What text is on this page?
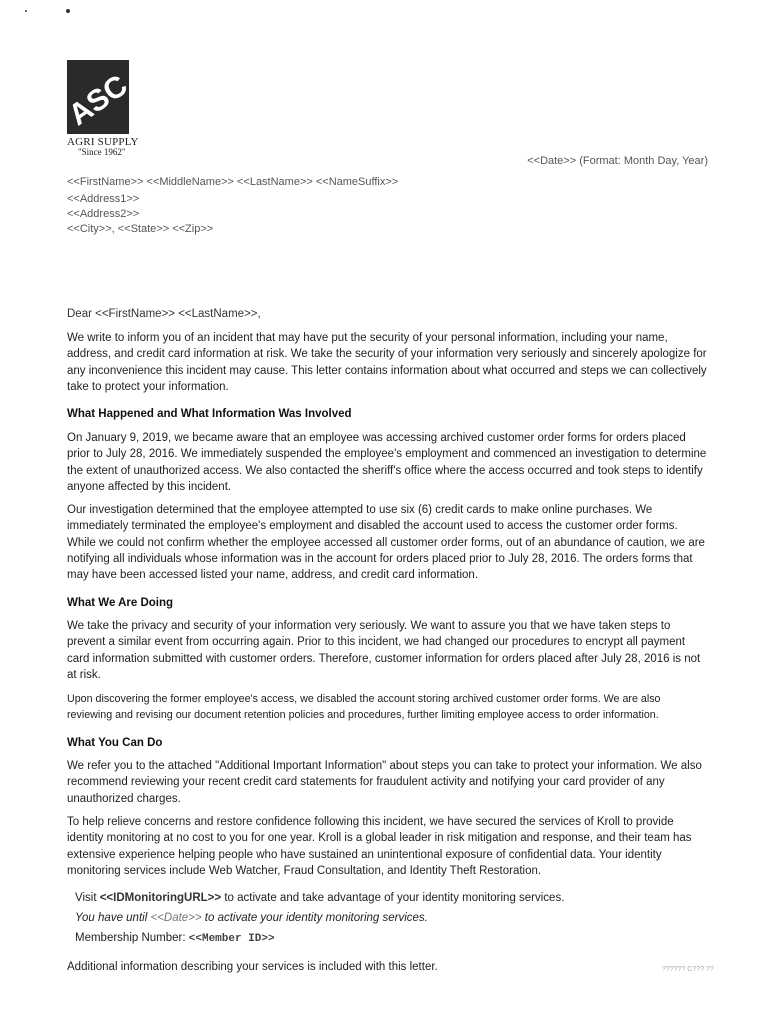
ASC
AGRI SUPPLY
"Since 1962"
<<Date>> (Format: Month Day, Year)
<<FirstName>> <<MiddleName>> <<LastName>> <<NameSuffix>>
<<Address1>>
<<Address2>>
<<City>>, <<State>> <<Zip>>
Dear <<FirstName>> <<LastName>>,
We write to inform you of an incident that may have put the security of your personal information, including your name, address, and credit card information at risk. We take the security of your information very seriously and sincerely apologize for any inconvenience this incident may cause. This letter contains information about what occurred and steps we can collectively take to protect your information.
What Happened and What Information Was Involved
On January 9, 2019, we became aware that an employee was accessing archived customer order forms for orders placed prior to July 28, 2016. We immediately suspended the employee's employment and commenced an investigation to determine the extent of unauthorized access. We also contacted the sheriff's office where the access occurred and took steps to identify anyone affected by this incident.
Our investigation determined that the employee attempted to use six (6) credit cards to make online purchases. We immediately terminated the employee's employment and disabled the account used to access the customer order forms. While we could not confirm whether the employee accessed all customer order forms, out of an abundance of caution, we are notifying all individuals whose information was in the account for orders placed prior to July 28, 2016. The orders forms that may have been accessed listed your name, address, and credit card information.
What We Are Doing
We take the privacy and security of your information very seriously. We want to assure you that we have taken steps to prevent a similar event from occurring again. Prior to this incident, we had changed our procedures to encrypt all payment card information submitted with customer orders. Therefore, customer information for orders placed after July 28, 2016 is not at risk.
Upon discovering the former employee's access, we disabled the account storing archived customer order forms. We are also reviewing and revising our document retention policies and procedures, further limiting employee access to order information.
What You Can Do
We refer you to the attached "Additional Important Information" about steps you can take to protect your information. We also recommend reviewing your recent credit card statements for fraudulent activity and notifying your card provider of any unauthorized charges.
To help relieve concerns and restore confidence following this incident, we have secured the services of Kroll to provide identity monitoring at no cost to you for one year. Kroll is a global leader in risk mitigation and response, and their team has extensive experience helping people who have sustained an unintentional exposure of confidential data. Your identity monitoring services include Web Watcher, Fraud Consultation, and Identity Theft Restoration.
Visit <<IDMonitoringURL>> to activate and take advantage of your identity monitoring services.
You have until <<Date>> to activate your identity monitoring services.
Membership Number: <<Member ID>>
Additional information describing your services is included with this letter.	?????? C??? ??
